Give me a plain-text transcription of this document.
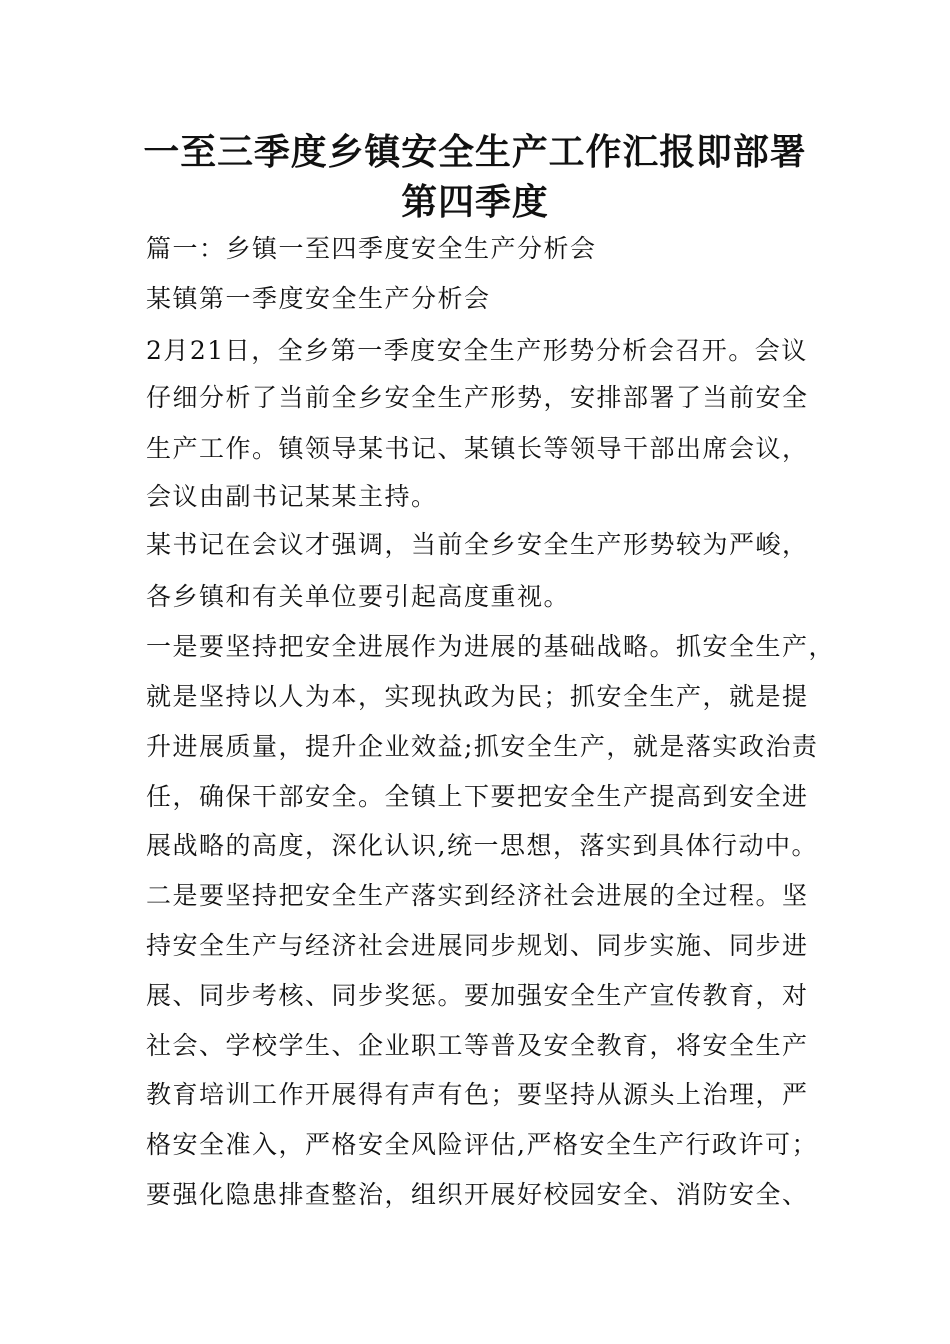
一至三季度乡镇安全生产工作汇报即部署
第四季度
篇一：乡镇一至四季度安全生产分析会
某镇第一季度安全生产分析会
2月21日，全乡第一季度安全生产形势分析会召开。会议
仔细分析了当前全乡安全生产形势，安排部署了当前安全
生产工作。镇领导某书记、某镇长等领导干部出席会议，
会议由副书记某某主持。
某书记在会议才强调，当前全乡安全生产形势较为严峻，
各乡镇和有关单位要引起高度重视。
一是要坚持把安全进展作为进展的基础战略。抓安全生产，
就是坚持以人为本，实现执政为民；抓安全生产，就是提
升进展质量，提升企业效益;抓安全生产，就是落实政治责
任，确保干部安全。全镇上下要把安全生产提高到安全进
展战略的高度，深化认识,统一思想，落实到具体行动中。
二是要坚持把安全生产落实到经济社会进展的全过程。坚
持安全生产与经济社会进展同步规划、同步实施、同步进
展、同步考核、同步奖惩。要加强安全生产宣传教育，对
社会、学校学生、企业职工等普及安全教育，将安全生产
教育培训工作开展得有声有色；要坚持从源头上治理，严
格安全准入，严格安全风险评估,严格安全生产行政许可；
要强化隐患排查整治，组织开展好校园安全、消防安全、
